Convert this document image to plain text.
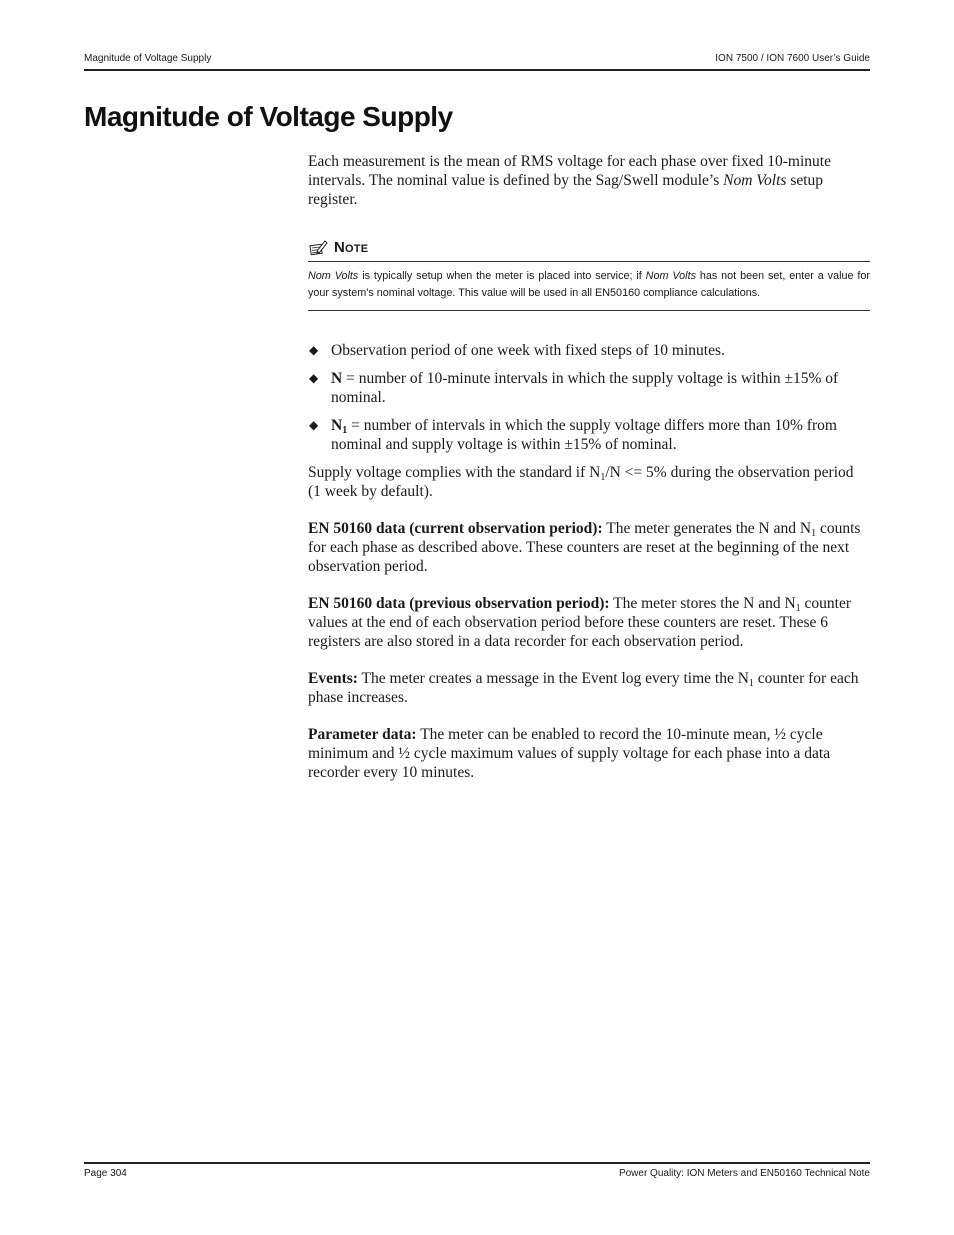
Magnitude of Voltage Supply	ION 7500 / ION 7600 User’s Guide
Magnitude of Voltage Supply

Each measurement is the mean of RMS voltage for each phase over fixed 10-minute intervals. The nominal value is defined by the Sag/Swell module’s Nom Volts setup register.

NOTE
Nom Volts is typically setup when the meter is placed into service; if Nom Volts has not been set, enter a value for your system’s nominal voltage. This value will be used in all EN50160 compliance calculations.
◆ Observation period of one week with fixed steps of 10 minutes.
◆ N = number of 10-minute intervals in which the supply voltage is within ±15% of nominal.
◆ $N_1$ = number of intervals in which the supply voltage differs more than 10% from nominal and supply voltage is within ±15% of nominal.

Supply voltage complies with the standard if $N_1/N <= 5\%$ during the observation period (1 week by default).

EN 50160 data (current observation period): The meter generates the N and $N_1$ counts for each phase as described above. These counters are reset at the beginning of the next observation period.

EN 50160 data (previous observation period): The meter stores the N and $N_1$ counter values at the end of each observation period before these counters are reset. These 6 registers are also stored in a data recorder for each observation period.

Events: The meter creates a message in the Event log every time the $N_1$ counter for each phase increases.

Parameter data: The meter can be enabled to record the 10-minute mean, ½ cycle minimum and ½ cycle maximum values of supply voltage for each phase into a data recorder every 10 minutes.

Page 304	Power Quality: ION Meters and EN50160 Technical Note
